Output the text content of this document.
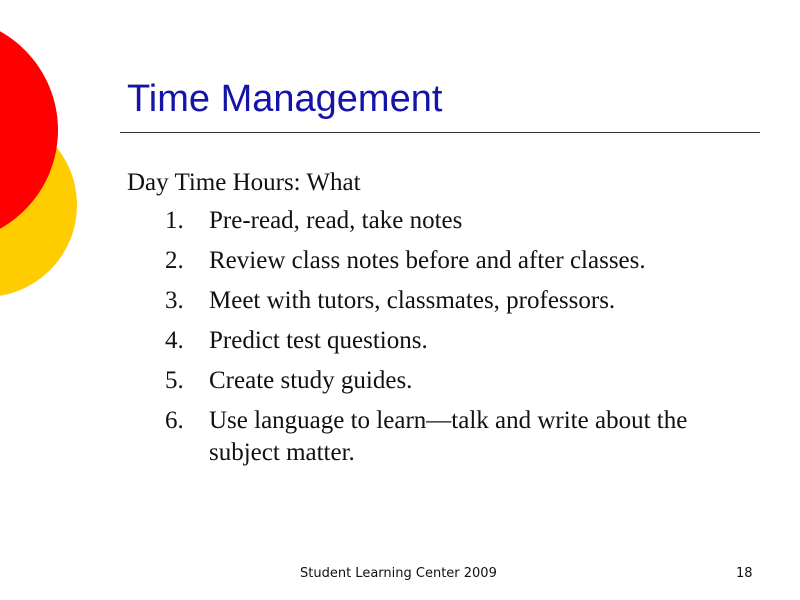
Time Management
Day Time Hours: What
1. Pre-read, read, take notes
2. Review class notes before and after classes.
3. Meet with tutors, classmates, professors.
4. Predict test questions.
5. Create study guides.
6. Use language to learn—talk and write about the subject matter.
Student Learning Center 2009	18
